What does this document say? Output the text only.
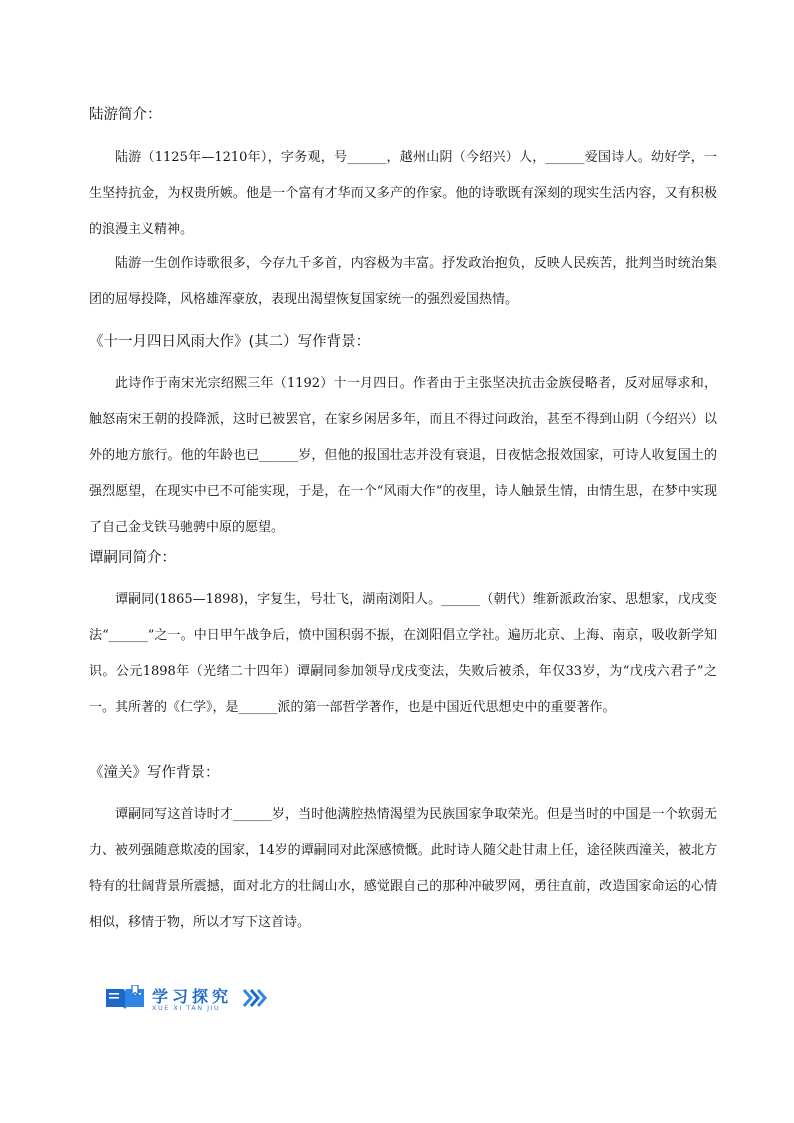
陆游简介：

陆游（1125年—1210年），字务观，号______，越州山阴（今绍兴）人，______爱国诗人。幼好学，一生坚持抗金，为权贵所嫉。他是一个富有才华而又多产的作家。他的诗歌既有深刻的现实生活内容，又有积极的浪漫主义精神。

陆游一生创作诗歌很多，今存九千多首，内容极为丰富。抒发政治抱负，反映人民疾苦，批判当时统治集团的屈辱投降，风格雄浑豪放，表现出渴望恢复国家统一的强烈爱国热情。

《十一月四日风雨大作》(其二）写作背景：

此诗作于南宋光宗绍熙三年（1192）十一月四日。作者由于主张坚决抗击金族侵略者，反对屈辱求和，触怒南宋王朝的投降派，这时已被罢官，在家乡闲居多年，而且不得过问政治，甚至不得到山阴（今绍兴）以外的地方旅行。他的年龄也已______岁，但他的报国壮志并没有衰退，日夜惦念报效国家，可诗人收复国土的强烈愿望，在现实中已不可能实现，于是，在一个“风雨大作”的夜里，诗人触景生情，由情生思，在梦中实现了自己金戈铁马驰骋中原的愿望。

谭嗣同简介：

谭嗣同(1865—1898)，字复生，号壮飞，湖南浏阳人。______（朝代）维新派政治家、思想家，戊戌变法“______”之一。中日甲午战争后，愤中国积弱不振，在浏阳倡立学社。遍历北京、上海、南京，吸收新学知识。公元1898年（光绪二十四年）谭嗣同参加领导戊戌变法，失败后被杀，年仅33岁，为“戊戌六君子”之一。其所著的《仁学》，是______派的第一部哲学著作，也是中国近代思想史中的重要著作。

《潼关》写作背景：

谭嗣同写这首诗时才______岁，当时他满腔热情渴望为民族国家争取荣光。但是当时的中国是一个软弱无力、被列强随意欺凌的国家，14岁的谭嗣同对此深感愤慨。此时诗人随父赴甘肃上任，途径陕西潼关，被北方特有的壮阔背景所震撼，面对北方的壮阔山水，感觉跟自己的那种冲破罗网，勇往直前，改造国家命运的心情相似，移情于物，所以才写下这首诗。

学习探究
XUE XI TAN JIU
